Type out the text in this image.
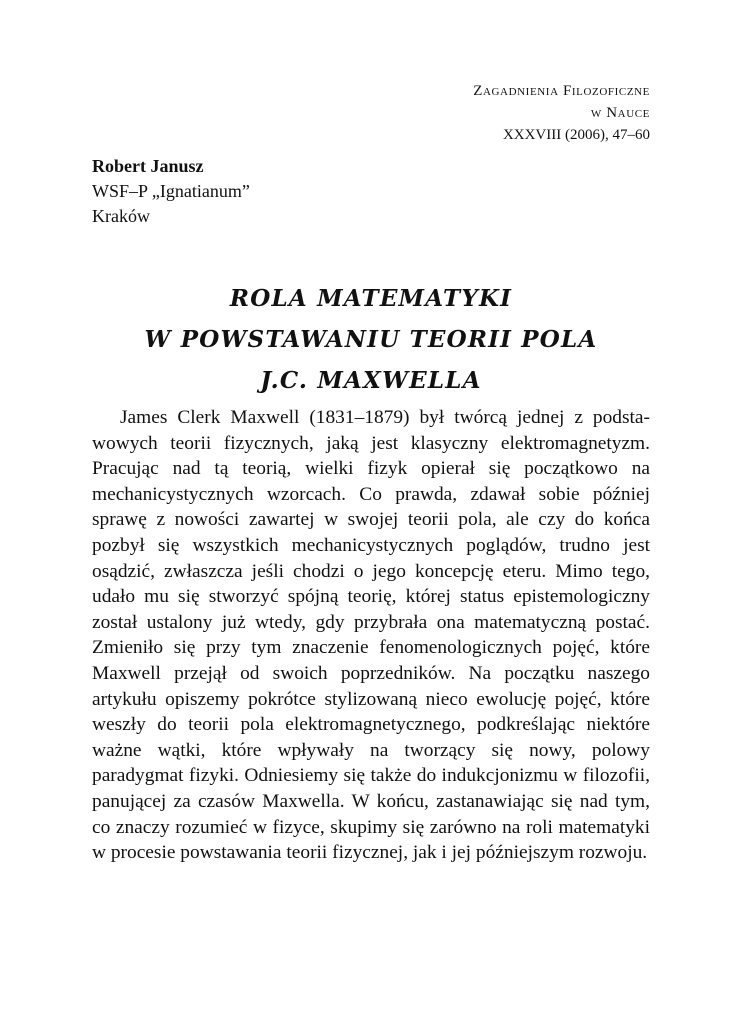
Zagadnienia Filozoficzne
w Nauce
XXXVIII (2006), 47–60
Robert Janusz
WSF–P „Ignatianum”
Kraków
ROLA MATEMATYKI
W POWSTAWANIU TEORII POLA
J.C. MAXWELLA

James Clerk Maxwell (1831–1879) był twórcą jednej z podstawowych teorii fizycznych, jaką jest klasyczny elektromagnetyzm. Pracując nad tą teorią, wielki fizyk opierał się początkowo na mechanicystycznych wzorcach. Co prawda, zdawał sobie później sprawę z nowości zawartej w swojej teorii pola, ale czy do końca pozbył się wszystkich mechanicystycznych poglądów, trudno jest osądzić, zwłaszcza jeśli chodzi o jego koncepcję eteru. Mimo tego, udało mu się stworzyć spójną teorię, której status epistemologiczny został ustalony już wtedy, gdy przybrała ona matematyczną postać. Zmieniło się przy tym znaczenie fenomenologicznych pojęć, które Maxwell przejął od swoich poprzedników. Na początku naszego artykułu opiszemy pokrótce stylizowaną nieco ewolucję pojęć, które weszły do teorii pola elektromagnetycznego, podkreślając niektóre ważne wątki, które wpływały na tworzący się nowy, polowy paradygmat fizyki. Odniesiemy się także do indukcjonizmu w filozofii, panującej za czasów Maxwella. W końcu, zastanawiając się nad tym, co znaczy rozumieć w fizyce, skupimy się zarówno na roli matematyki w procesie powstawania teorii fizycznej, jak i jej późniejszym rozwoju.
